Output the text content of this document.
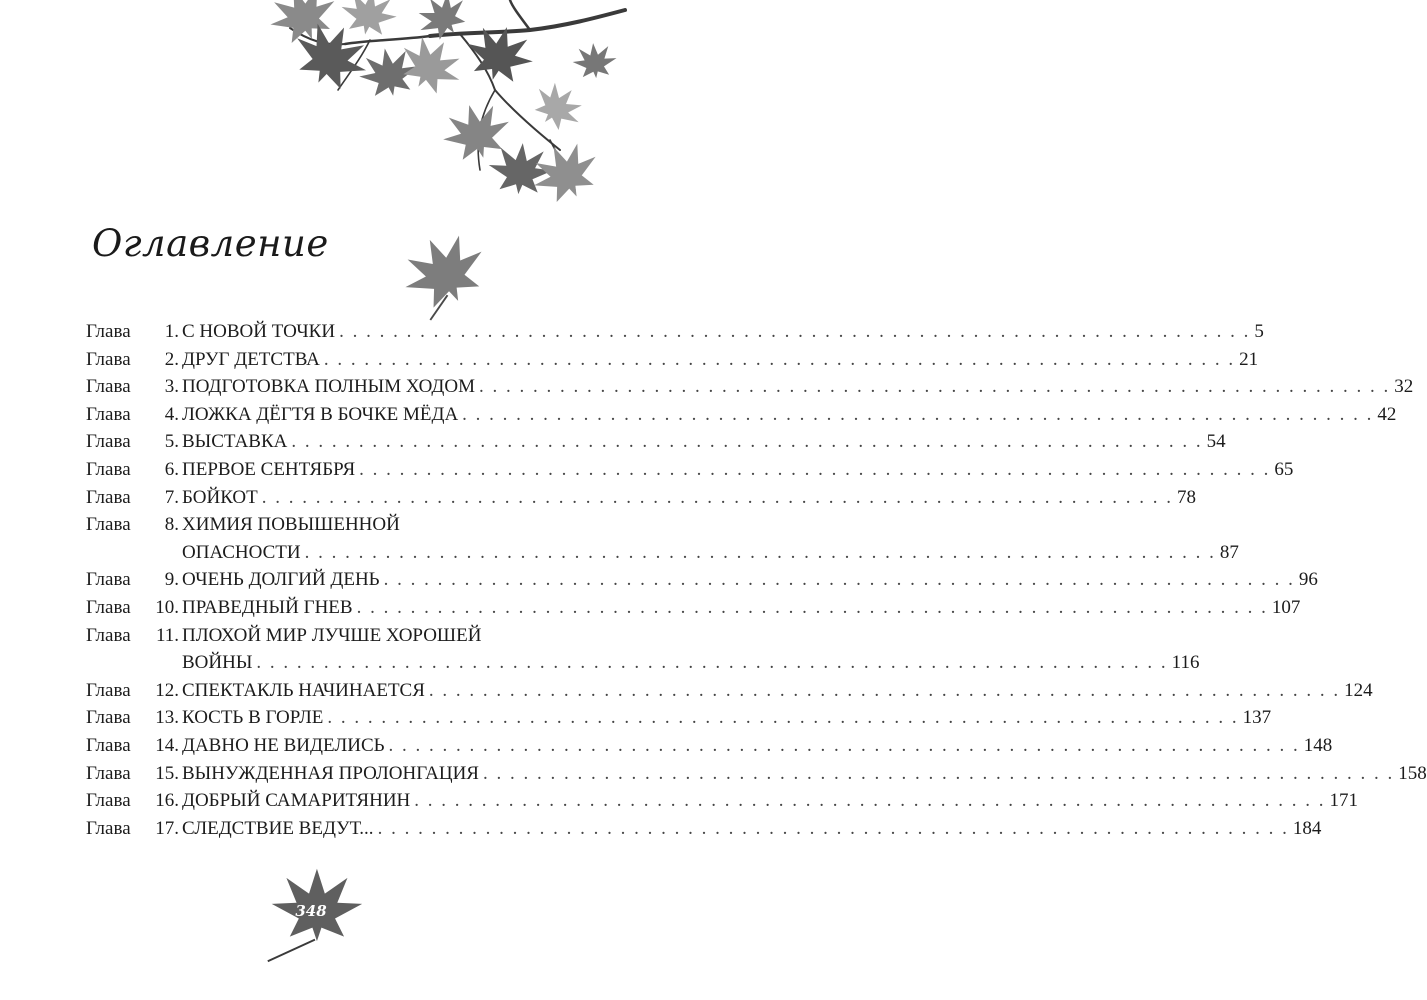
Оглавление
Глава	1. С НОВОЙ ТОЧКИ . . .	5
Глава	2. ДРУГ ДЕТСТВА . . .	21
Глава	3. ПОДГОТОВКА ПОЛНЫМ ХОДОМ . . .	32
Глава	4. ЛОЖКА ДЁГТЯ В БОЧКЕ МЁДА . . .	42
Глава	5. ВЫСТАВКА . . .	54
Глава	6. ПЕРВОЕ СЕНТЯБРЯ . . .	65
Глава	7. БОЙКОТ . . .	78
Глава	8. ХИМИЯ ПОВЫШЕННОЙ
ОПАСНОСТИ . . .	87
Глава	9. ОЧЕНЬ ДОЛГИЙ ДЕНЬ . . .	96
Глава	10. ПРАВЕДНЫЙ ГНЕВ . . .	107
Глава	11. ПЛОХОЙ МИР ЛУЧШЕ ХОРОШЕЙ
ВОЙНЫ . . .	116
Глава	12. СПЕКТАКЛЬ НАЧИНАЕТСЯ . . .	124
Глава	13. КОСТЬ В ГОРЛЕ . . .	137
Глава	14. ДАВНО НЕ ВИДЕЛИСЬ . . .	148
Глава	15. ВЫНУЖДЕННАЯ ПРОЛОНГАЦИЯ . . .	158
Глава	16. ДОБРЫЙ САМАРИТЯНИН . . .	171
Глава	17. СЛЕДСТВИЕ ВЕДУТ... . . .	184
348
